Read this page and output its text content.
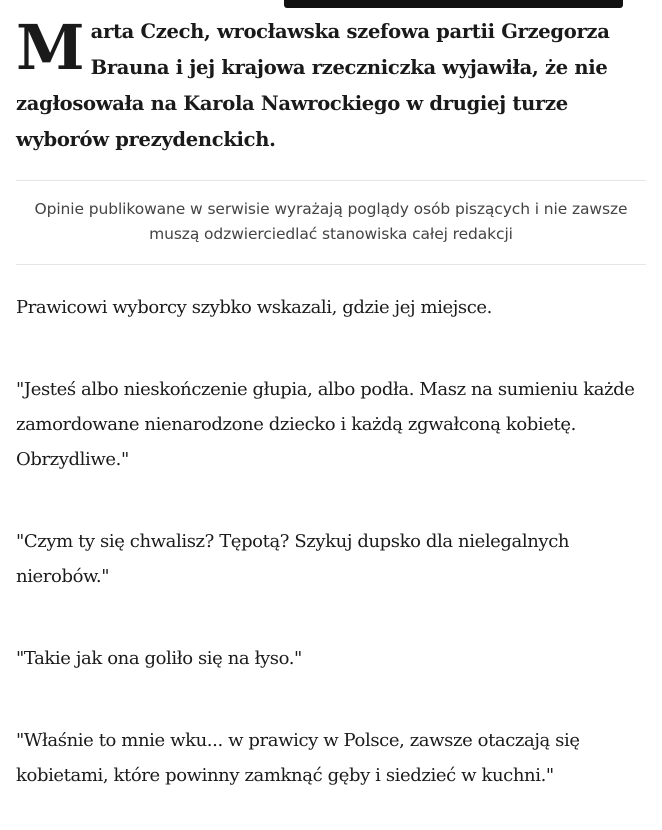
Marta Czech, wrocławska szefowa partii Grzegorza Brauna i jej krajowa rzeczniczka wyjawiła, że nie zagłosowała na Karola Nawrockiego w drugiej turze wyborów prezydenckich.

Opinie publikowane w serwisie wyrażają poglądy osób piszących i nie zawsze muszą odzwierciedlać stanowiska całej redakcji

Prawicowi wyborcy szybko wskazali, gdzie jej miejsce.

"Jesteś albo nieskończenie głupia, albo podła. Masz na sumieniu każde zamordowane nienarodzone dziecko i każdą zgwałconą kobietę. Obrzydliwe."

"Czym ty się chwalisz? Tępotą? Szykuj dupsko dla nielegalnych nierobów."

"Takie jak ona goliło się na łyso."

"Właśnie to mnie wku... w prawicy w Polsce, zawsze otaczają się kobietami, które powinny zamknąć gęby i siedzieć w kuchni."
